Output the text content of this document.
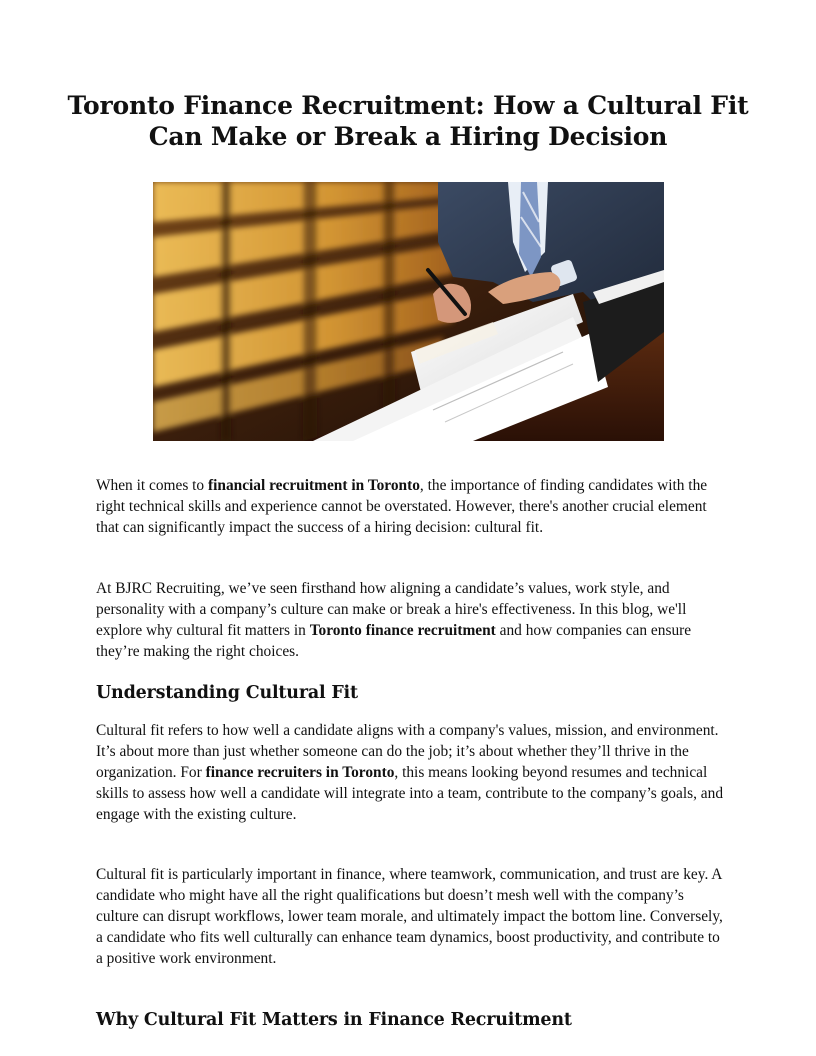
Toronto Finance Recruitment: How a Cultural Fit Can Make or Break a Hiring Decision

When it comes to financial recruitment in Toronto, the importance of finding candidates with the right technical skills and experience cannot be overstated. However, there's another crucial element that can significantly impact the success of a hiring decision: cultural fit.

At BJRC Recruiting, we’ve seen firsthand how aligning a candidate’s values, work style, and personality with a company’s culture can make or break a hire's effectiveness. In this blog, we'll explore why cultural fit matters in Toronto finance recruitment and how companies can ensure they’re making the right choices.

Understanding Cultural Fit

Cultural fit refers to how well a candidate aligns with a company's values, mission, and environment. It’s about more than just whether someone can do the job; it’s about whether they’ll thrive in the organization. For finance recruiters in Toronto, this means looking beyond resumes and technical skills to assess how well a candidate will integrate into a team, contribute to the company’s goals, and engage with the existing culture.

Cultural fit is particularly important in finance, where teamwork, communication, and trust are key. A candidate who might have all the right qualifications but doesn’t mesh well with the company’s culture can disrupt workflows, lower team morale, and ultimately impact the bottom line. Conversely, a candidate who fits well culturally can enhance team dynamics, boost productivity, and contribute to a positive work environment.

Why Cultural Fit Matters in Finance Recruitment
